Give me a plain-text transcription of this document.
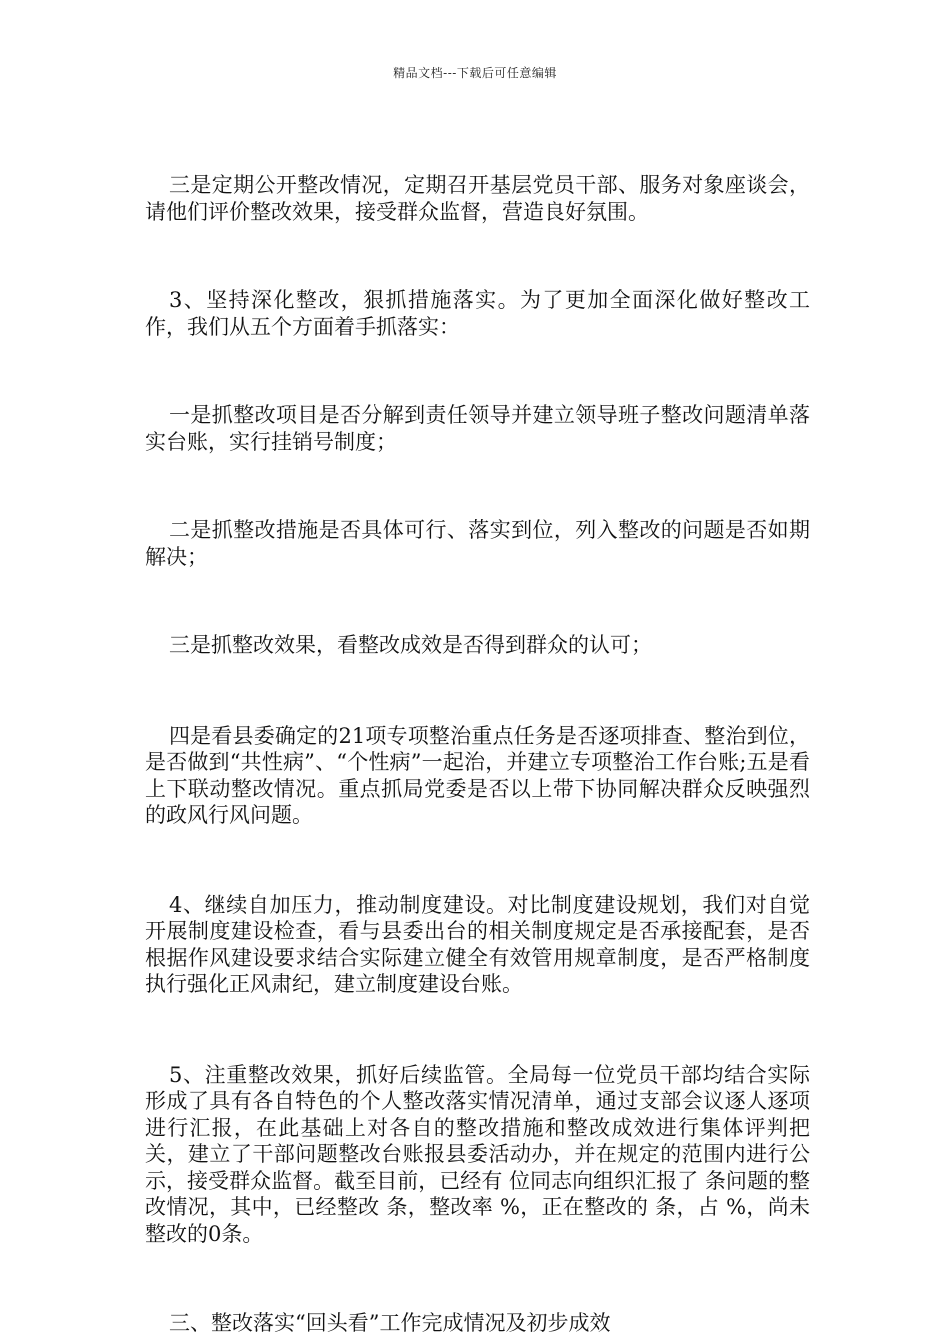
精品文档---下载后可任意编辑

三是定期公开整改情况，定期召开基层党员干部、服务对象座谈会，请他们评价整改效果，接受群众监督，营造良好氛围。

3、坚持深化整改，狠抓措施落实。为了更加全面深化做好整改工作，我们从五个方面着手抓落实：

一是抓整改项目是否分解到责任领导并建立领导班子整改问题清单落实台账，实行挂销号制度；

二是抓整改措施是否具体可行、落实到位，列入整改的问题是否如期解决；

三是抓整改效果，看整改成效是否得到群众的认可；

四是看县委确定的21项专项整治重点任务是否逐项排查、整治到位，是否做到“共性病”、“个性病”一起治，并建立专项整治工作台账;五是看上下联动整改情况。重点抓局党委是否以上带下协同解决群众反映强烈的政风行风问题。

4、继续自加压力，推动制度建设。对比制度建设规划，我们对自觉开展制度建设检查，看与县委出台的相关制度规定是否承接配套，是否根据作风建设要求结合实际建立健全有效管用规章制度，是否严格制度执行强化正风肃纪，建立制度建设台账。

5、注重整改效果，抓好后续监管。全局每一位党员干部均结合实际形成了具有各自特色的个人整改落实情况清单，通过支部会议逐人逐项进行汇报，在此基础上对各自的整改措施和整改成效进行集体评判把关，建立了干部问题整改台账报县委活动办，并在规定的范围内进行公示，接受群众监督。截至目前，已经有 位同志向组织汇报了 条问题的整改情况，其中，已经整改 条，整改率 %，正在整改的 条，占 %，尚未整改的0条。

三、整改落实“回头看”工作完成情况及初步成效
